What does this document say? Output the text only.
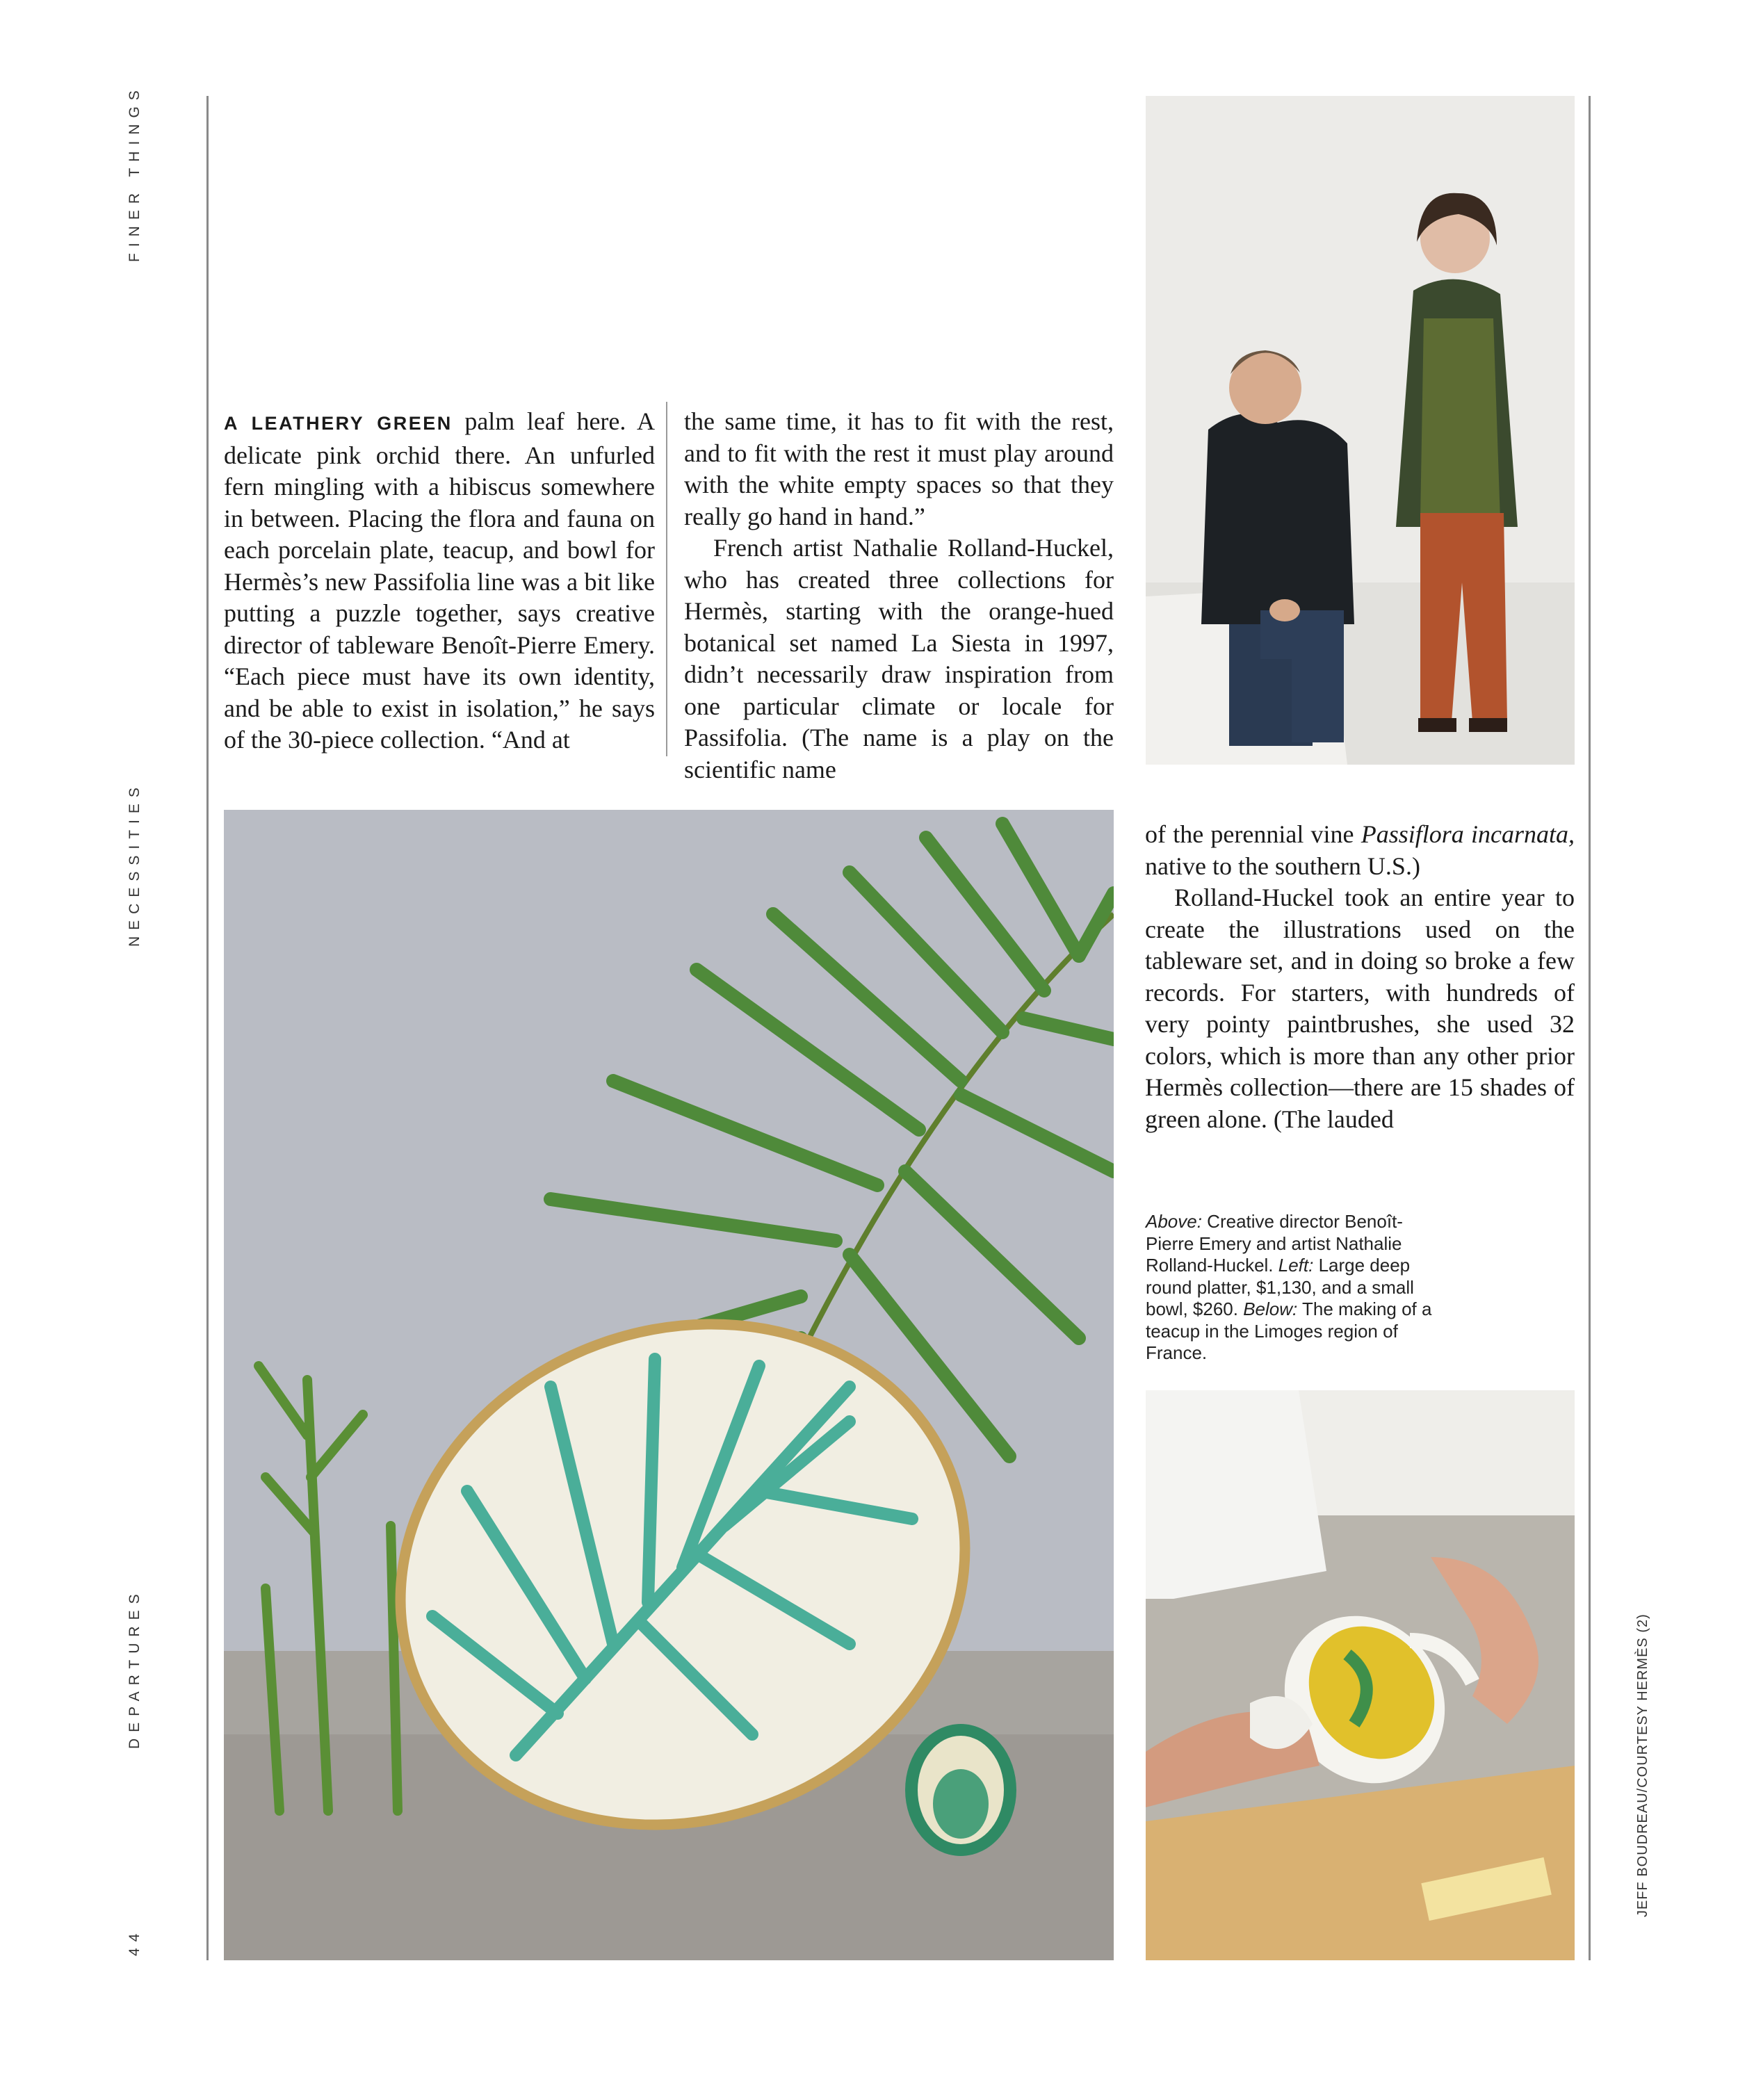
FINER THINGS
NECESSITIES
DEPARTURES
44

A LEATHERY GREEN palm leaf here. A delicate pink orchid there. An unfurled fern mingling with a hibiscus somewhere in between. Placing the flora and fauna on each porcelain plate, teacup, and bowl for Hermès’s new Passifolia line was a bit like putting a puzzle together, says creative director of tableware Benoît-Pierre Emery. “Each piece must have its own identity, and be able to exist in isolation,” he says of the 30-piece collection. “And at

the same time, it has to fit with the rest, and to fit with the rest it must play around with the white empty spaces so that they really go hand in hand.”

French artist Nathalie Rolland-Huckel, who has created three collections for Hermès, starting with the orange-hued botanical set named La Siesta in 1997, didn’t necessarily draw inspiration from one particular climate or locale for Passifolia. (The name is a play on the scientific name

of the perennial vine Passiflora incarnata, native to the southern U.S.)

Rolland-Huckel took an entire year to create the illustrations used on the tableware set, and in doing so broke a few records. For starters, with hundreds of very pointy paintbrushes, she used 32 colors, which is more than any other prior Hermès collection—there are 15 shades of green alone. (The lauded

Above: Creative director Benoît-Pierre Emery and artist Nathalie Rolland-Huckel. Left: Large deep round platter, $1,130, and a small bowl, $260. Below: The making of a teacup in the Limoges region of France.
JEFF BOUDREAU/COURTESY HERMÈS (2)
